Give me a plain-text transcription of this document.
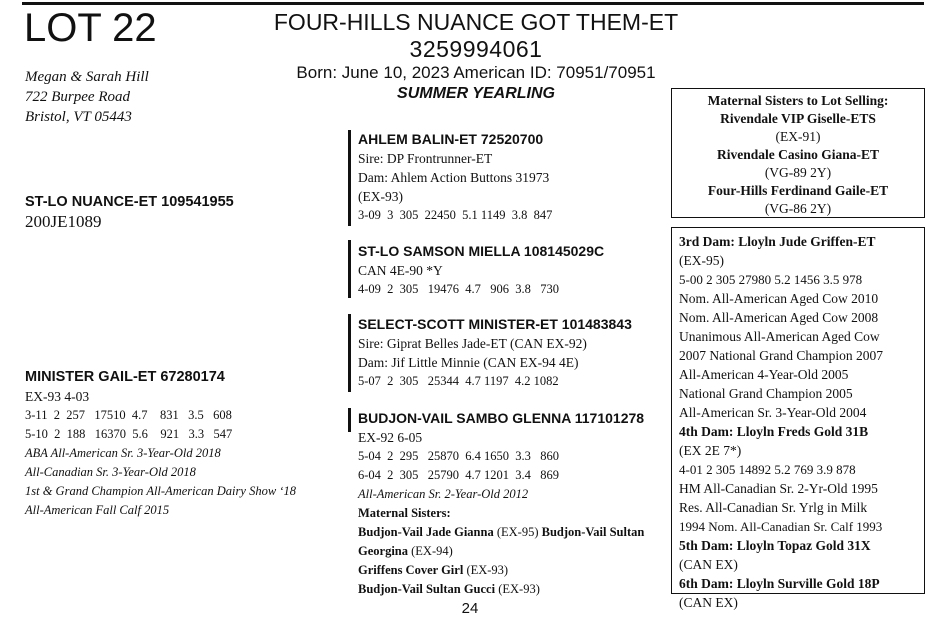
LOT 22	FOUR-HILLS NUANCE GOT THEM-ET
3259994061
Born: June 10, 2023 American ID: 70951/70951
SUMMER YEARLING
Megan & Sarah Hill
722 Burpee Road
Bristol, VT 05443
ST-LO NUANCE-ET 109541955
200JE1089
MINISTER GAIL-ET 67280174
EX-93 4-03
3-11  2  257   17510  4.7    831   3.5   608
5-10  2  188   16370  5.6    921   3.3   547
ABA All-American Sr. 3-Year-Old 2018
All-Canadian Sr. 3-Year-Old 2018
1st & Grand Champion All-American Dairy Show ‘18
All-American Fall Calf 2015
AHLEM BALIN-ET 72520700
Sire: DP Frontrunner-ET
Dam: Ahlem Action Buttons 31973
(EX-93)
3-09  3  305  22450  5.1 1149  3.8  847
ST-LO SAMSON MIELLA 108145029C
CAN 4E-90 *Y
4-09  2  305   19476  4.7   906  3.8   730
SELECT-SCOTT MINISTER-ET 101483843
Sire: Giprat Belles Jade-ET (CAN EX-92)
Dam: Jif Little Minnie (CAN EX-94 4E)
5-07  2  305   25344  4.7 1197  4.2 1082
BUDJON-VAIL SAMBO GLENNA 117101278
EX-92 6-05
5-04  2  295   25870  6.4 1650  3.3   860
6-04  2  305   25790  4.7 1201  3.4   869
All-American Sr. 2-Year-Old 2012
Maternal Sisters:
Budjon-Vail Jade Gianna (EX-95) Budjon-Vail Sultan
Georgina (EX-94)
Griffens Cover Girl (EX-93)
Budjon-Vail Sultan Gucci (EX-93)
Maternal Sisters to Lot Selling:
Rivendale VIP Giselle-ETS
(EX-91)
Rivendale Casino Giana-ET
(VG-89 2Y)
Four-Hills Ferdinand Gaile-ET
(VG-86 2Y)
3rd Dam: Lloyln Jude Griffen-ET
(EX-95)
5-00 2 305 27980 5.2 1456 3.5 978
Nom. All-American Aged Cow 2010
Nom. All-American Aged Cow 2008
Unanimous All-American Aged Cow
2007 National Grand Champion 2007
All-American 4-Year-Old 2005
National Grand Champion 2005
All-American Sr. 3-Year-Old 2004
4th Dam: Lloyln Freds Gold 31B
(EX 2E 7*)
4-01 2 305 14892 5.2 769 3.9 878
HM All-Canadian Sr. 2-Yr-Old 1995
Res. All-Canadian Sr. Yrlg in Milk
1994 Nom. All-Canadian Sr. Calf 1993
5th Dam: Lloyln Topaz Gold 31X
(CAN EX)
6th Dam: Lloyln Surville Gold 18P
(CAN EX)
24
